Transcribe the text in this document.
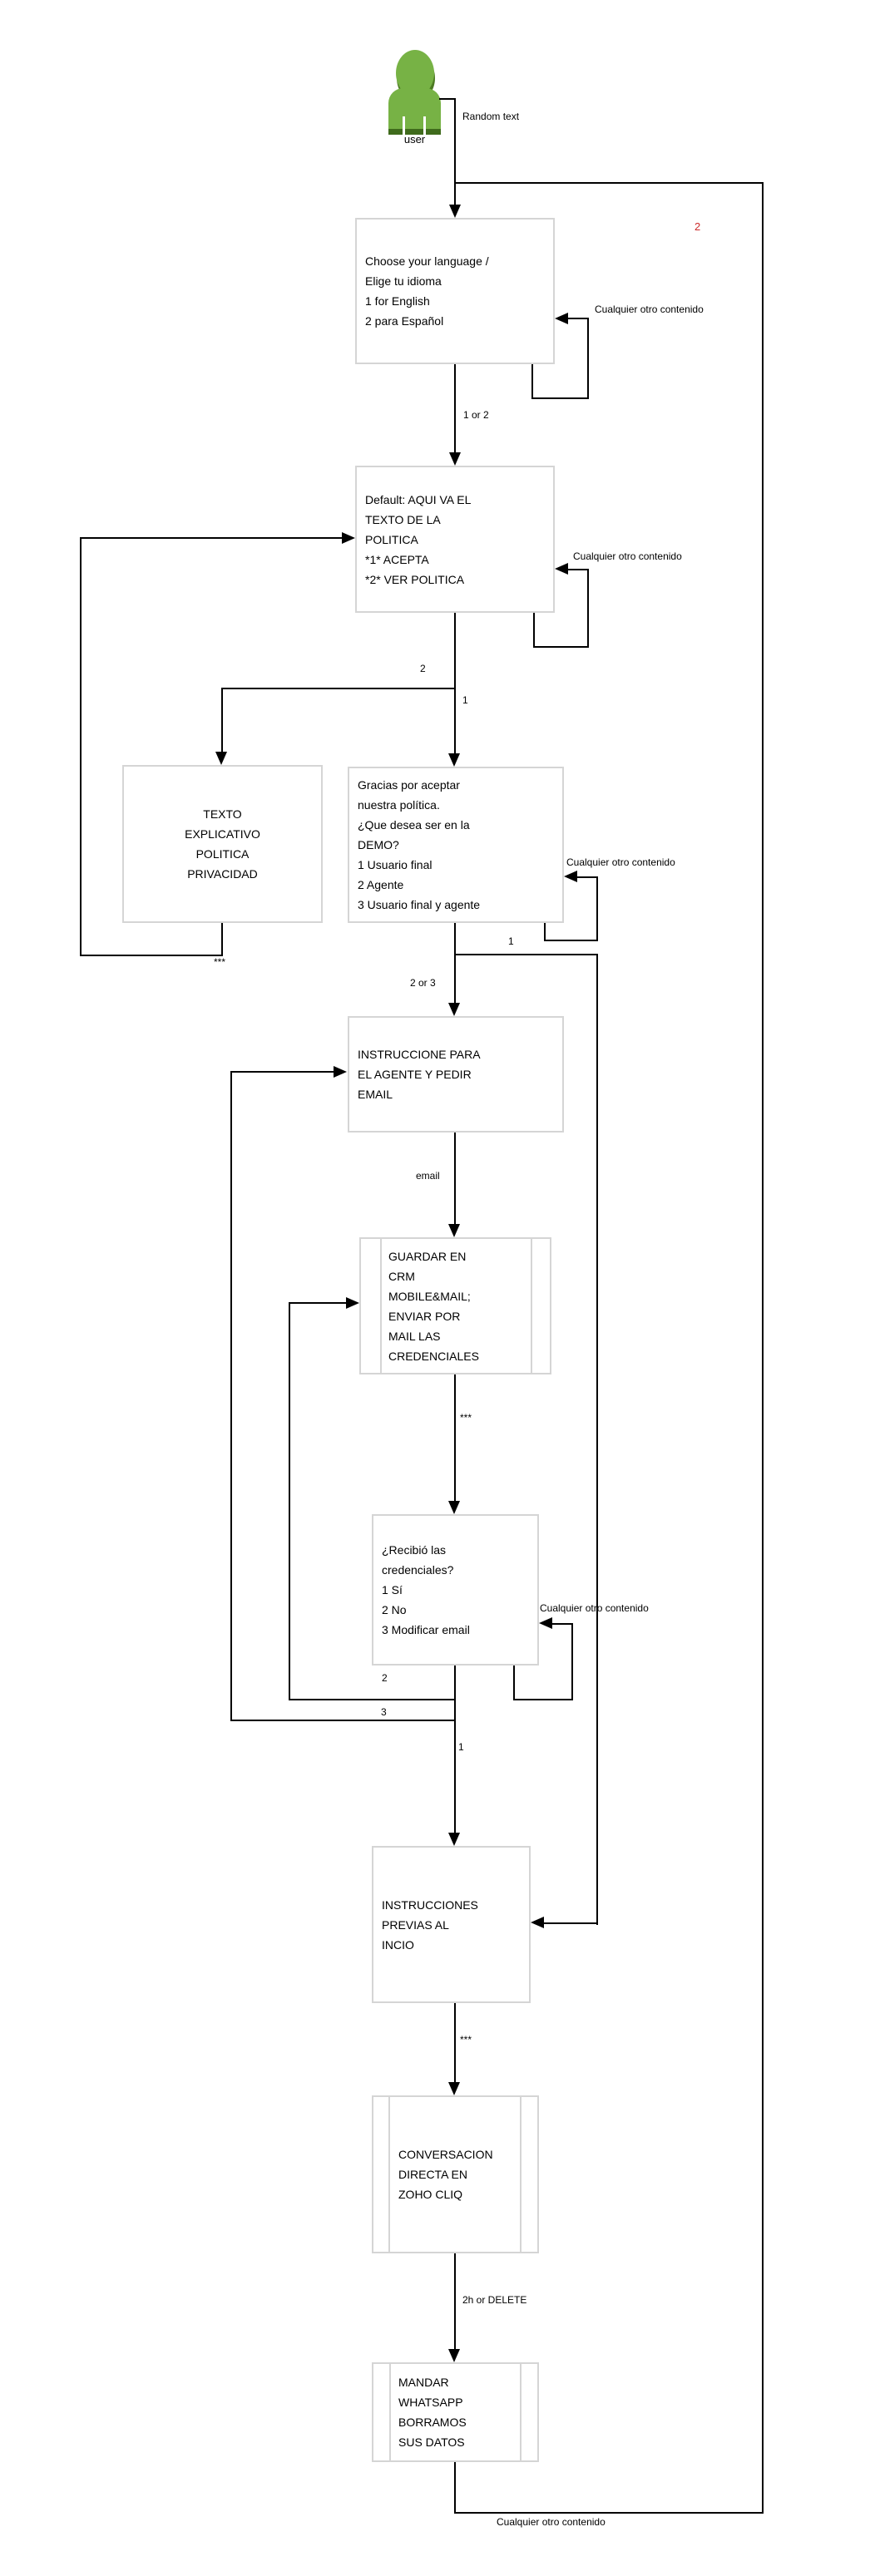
user
2
Choose your language /
Elige tu idioma
1 for English
2 para Español
Default: AQUI VA EL
TEXTO DE LA
POLITICA
*1* ACEPTA
*2* VER POLITICA
TEXTO
EXPLICATIVO
POLITICA
PRIVACIDAD
Gracias por aceptar
nuestra política.
¿Que desea ser en la
DEMO?
1 Usuario final
2 Agente
3 Usuario final y agente
INSTRUCCIONE PARA
EL AGENTE Y PEDIR
EMAIL
GUARDAR EN
CRM
MOBILE&MAIL;
ENVIAR POR
MAIL LAS
CREDENCIALES
¿Recibió las
credenciales?
1 Sí
2 No
3 Modificar email
INSTRUCCIONES
PREVIAS AL
INCIO
CONVERSACION
DIRECTA EN
ZOHO CLIQ
MANDAR
WHATSAPP
BORRAMOS
SUS DATOS
Random text
Cualquier otro contenido
1 or 2
Cualquier otro contenido
2
1
Cualquier otro contenido
***
1
2 or 3
email
***
Cualquier otro contenido
2
3
1
***
2h or DELETE
Cualquier otro contenido
